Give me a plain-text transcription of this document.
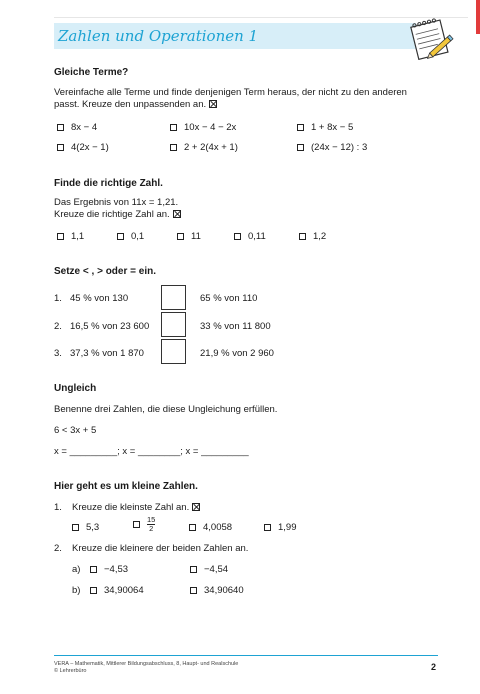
Zahlen und Operationen 1
Gleiche Terme?
Vereinfache alle Terme und finde denjenigen Term heraus, der nicht zu den anderen
passt. Kreuze den unpassenden an.
8x − 4	10x − 4 − 2x	1 + 8x − 5
4(2x − 1)	2 + 2(4x + 1)	(24x − 12) : 3
Finde die richtige Zahl.
Das Ergebnis von 11x = 1,21.
Kreuze die richtige Zahl an.
1,1	0,1	11	0,11	1,2
Setze < , > oder = ein.
1. 45 % von 130	65 % von 110
2. 16,5 % von 23 600	33 % von 11 800
3. 37,3 % von 1 870	21,9 % von 2 960
Ungleich
Benenne drei Zahlen, die diese Ungleichung erfüllen.
6 < 3x + 5
x = _________; x = ________; x = _________
Hier geht es um kleine Zahlen.
1. Kreuze die kleinste Zahl an.
5,3	$\frac{15}{2}$	4,0058	1,99
2. Kreuze die kleinere der beiden Zahlen an.
a)	−4,53	−4,54
b)	34,90064	34,90640
VERA – Mathematik, Mittlerer Bildungsabschluss, 8, Haupt- und Realschule
© Lehrerbüro	2
